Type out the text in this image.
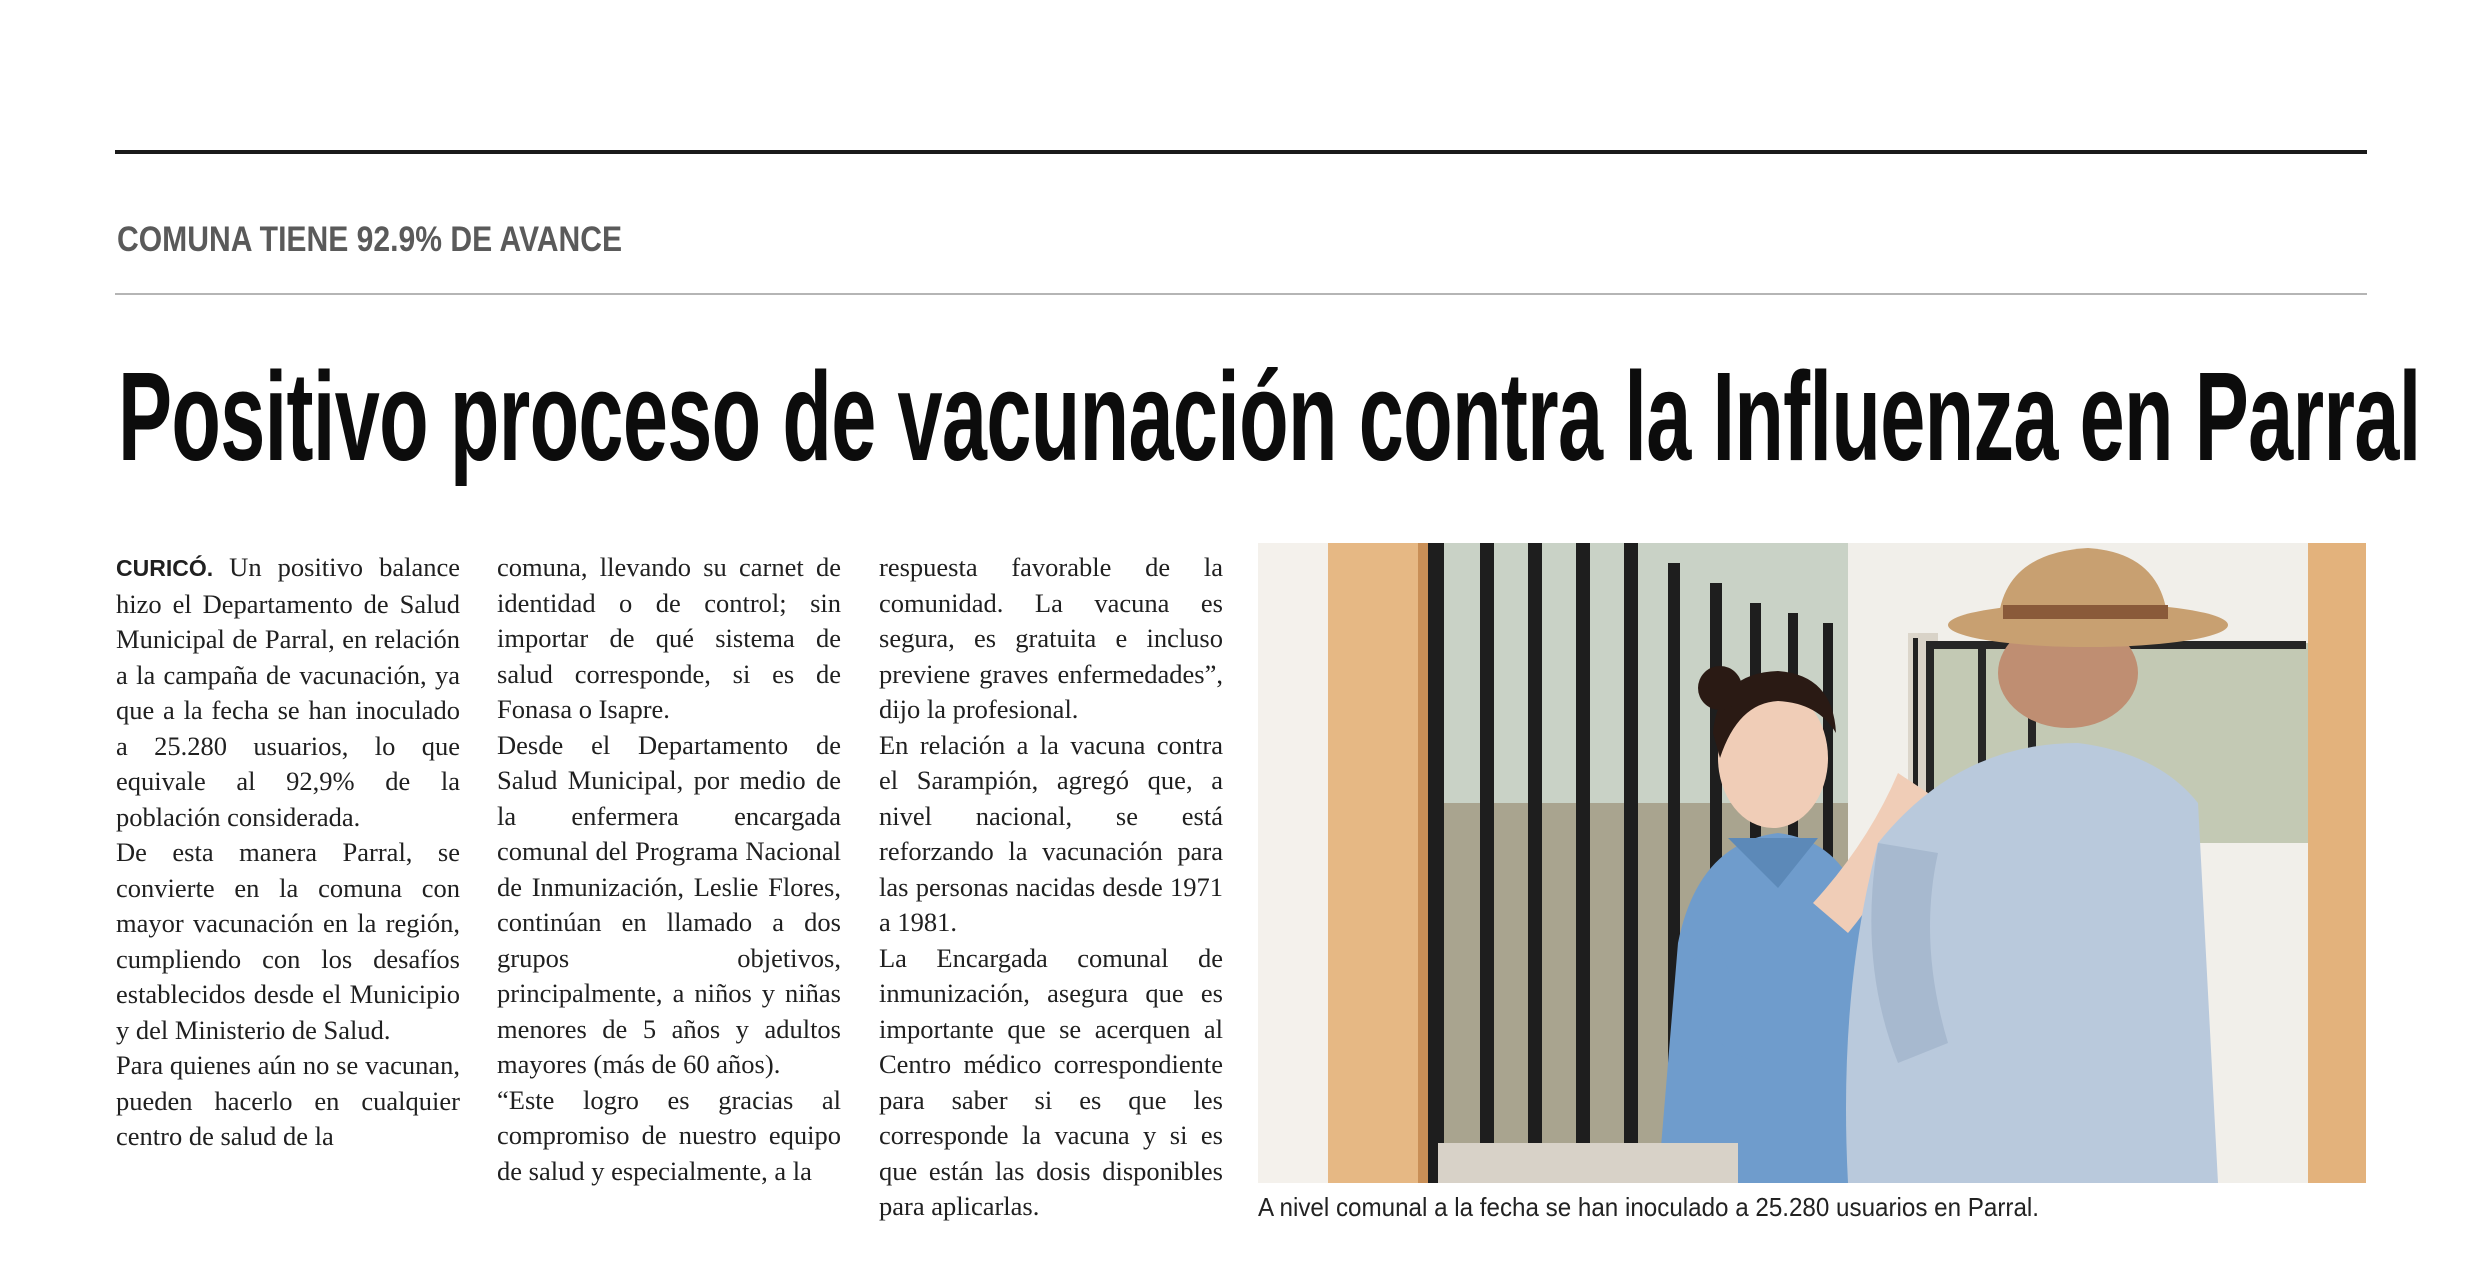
COMUNA TIENE 92.9% DE AVANCE
Positivo proceso de vacunación contra la Influenza en Parral

CURICÓ. Un positivo balance hizo el Departamento de Salud Municipal de Parral, en relación a la campaña de vacunación, ya que a la fecha se han inoculado a 25.280 usuarios, lo que equivale al 92,9% de la población considerada.

De esta manera Parral, se convierte en la comuna con mayor vacunación en la región, cumpliendo con los desafíos establecidos desde el Municipio y del Ministerio de Salud.

Para quienes aún no se vacunan, pueden hacerlo en cualquier centro de salud de la

comuna, llevando su carnet de identidad o de control; sin importar de qué sistema de salud corresponde, si es de Fonasa o Isapre.

Desde el Departamento de Salud Municipal, por medio de la enfermera encargada comunal del Programa Nacional de Inmunización, Leslie Flores, continúan en llamado a dos grupos objetivos, principalmente, a niños y niñas menores de 5 años y adultos mayores (más de 60 años).

“Este logro es gracias al compromiso de nuestro equipo de salud y especialmente, a la

respuesta favorable de la comunidad. La vacuna es segura, es gratuita e incluso previene graves enfermedades”, dijo la profesional.

En relación a la vacuna contra el Sarampión, agregó que, a nivel nacional, se está reforzando la vacunación para las personas nacidas desde 1971 a 1981.

La Encargada comunal de inmunización, asegura que es importante que se acerquen al Centro médico correspondiente para saber si es que les corresponde la vacuna y si es que están las dosis disponibles para aplicarlas.	A nivel comunal a la fecha se han inoculado a 25.280 usuarios en Parral.
